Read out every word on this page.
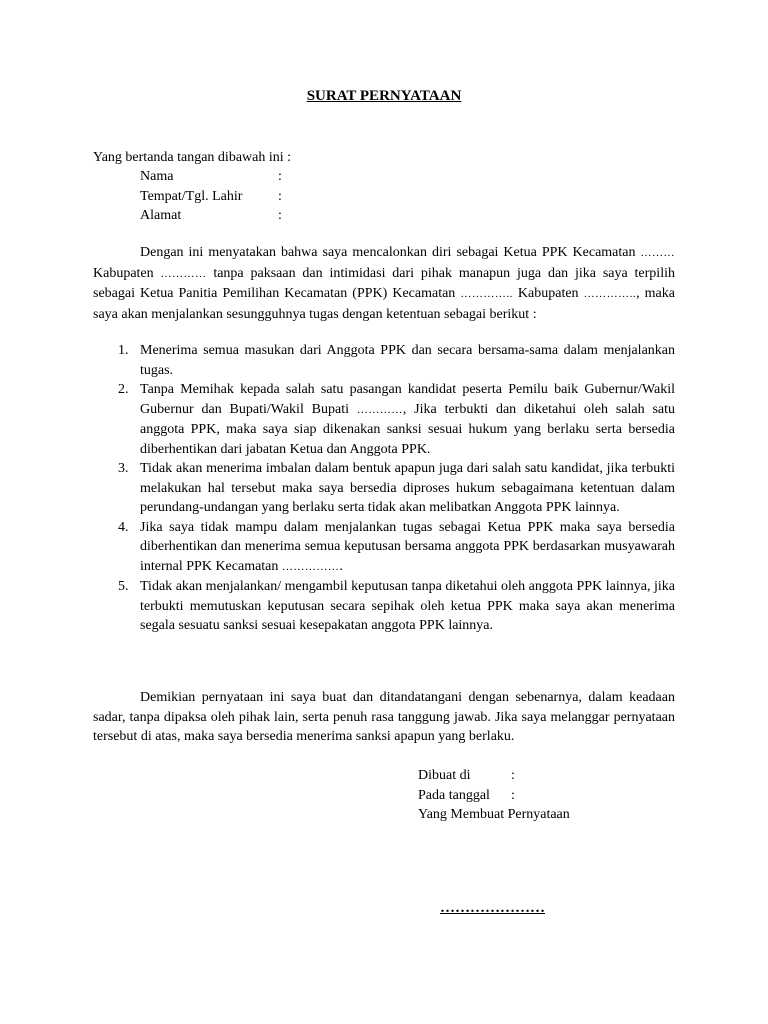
SURAT PERNYATAAN
Yang bertanda tangan dibawah ini :
Nama	:
Tempat/Tgl. Lahir	:
Alamat	:
Dengan ini menyatakan bahwa saya mencalonkan diri sebagai Ketua PPK Kecamatan ……… Kabupaten ………… tanpa paksaan dan intimidasi dari pihak manapun juga dan jika saya terpilih sebagai Ketua Panitia Pemilihan Kecamatan (PPK) Kecamatan ………….. Kabupaten ………….., maka saya akan menjalankan sesungguhnya tugas dengan ketentuan sebagai berikut :
1. Menerima semua masukan dari Anggota PPK dan secara bersama-sama dalam menjalankan tugas.
2. Tanpa Memihak kepada salah satu pasangan kandidat peserta Pemilu baik Gubernur/Wakil Gubernur dan Bupati/Wakil Bupati …………, Jika terbukti dan diketahui oleh salah satu anggota PPK, maka saya siap dikenakan sanksi sesuai hukum yang berlaku serta bersedia diberhentikan dari jabatan Ketua dan Anggota PPK.
3. Tidak akan menerima imbalan dalam bentuk apapun juga dari salah satu kandidat, jika terbukti melakukan hal tersebut maka saya bersedia diproses hukum sebagaimana ketentuan dalam perundang-undangan yang berlaku serta tidak akan melibatkan Anggota PPK lainnya.
4. Jika saya tidak mampu dalam menjalankan tugas sebagai Ketua PPK maka saya bersedia diberhentikan dan menerima semua keputusan bersama anggota PPK berdasarkan musyawarah internal PPK Kecamatan …………….
5. Tidak akan menjalankan/ mengambil keputusan tanpa diketahui oleh anggota PPK lainnya, jika terbukti memutuskan keputusan secara sepihak oleh ketua PPK maka saya akan menerima segala sesuatu sanksi sesuai kesepakatan anggota PPK lainnya.
Demikian pernyataan ini saya buat dan ditandatangani dengan sebenarnya, dalam keadaan sadar, tanpa dipaksa oleh pihak lain, serta penuh rasa tanggung jawab. Jika saya melanggar pernyataan tersebut di atas, maka saya bersedia menerima sanksi apapun yang berlaku.
Dibuat di	:
Pada tanggal	:
Yang Membuat Pernyataan
…………………
